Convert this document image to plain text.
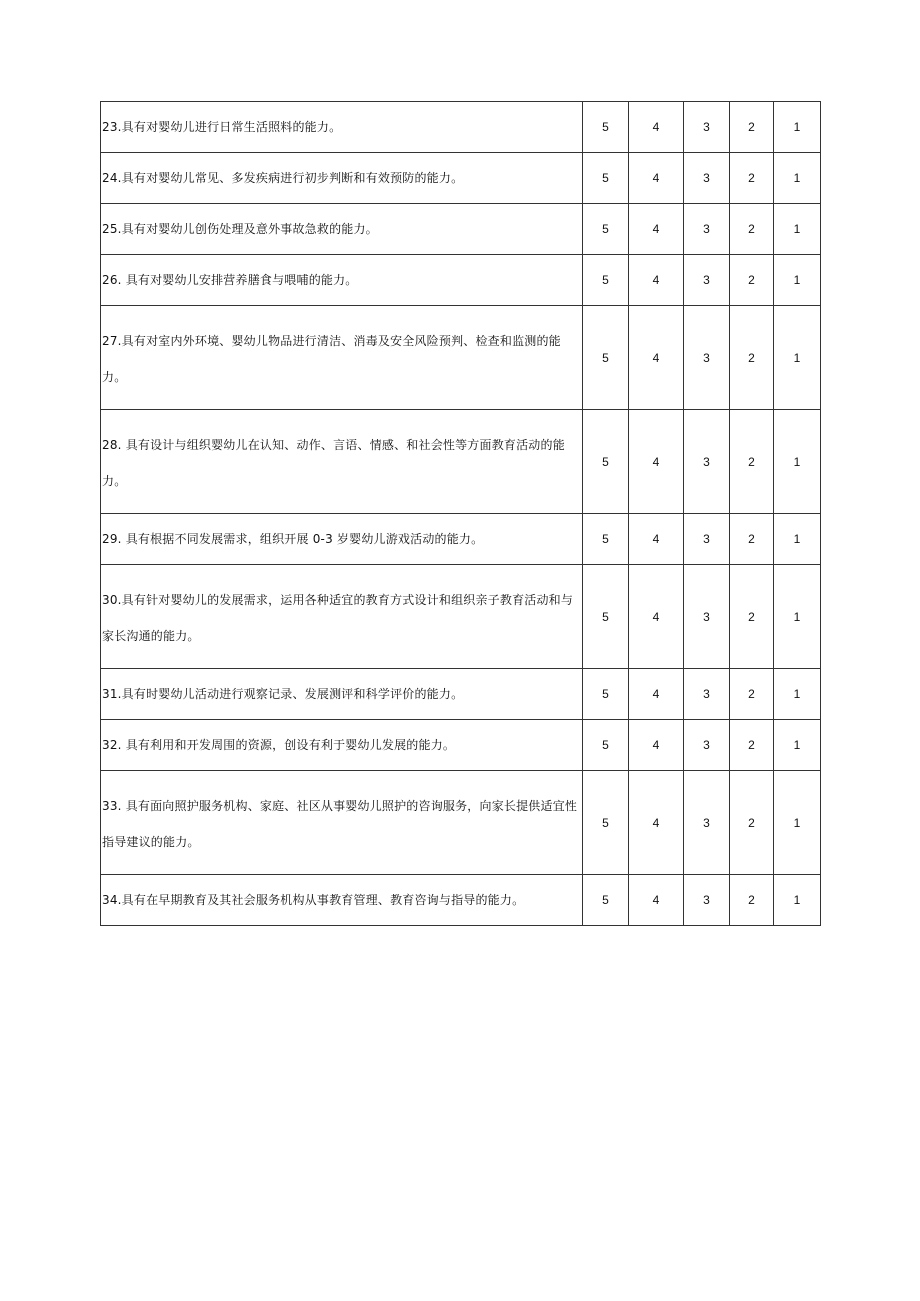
23.具有对婴幼儿进行日常生活照料的能力。	5	4	3	2	1
24.具有对婴幼儿常见、多发疾病进行初步判断和有效预防的能力。	5	4	3	2	1
25.具有对婴幼儿创伤处理及意外事故急救的能力。	5	4	3	2	1
26. 具有对婴幼儿安排营养膳食与喂哺的能力。	5	4	3	2	1
27.具有对室内外环境、婴幼儿物品进行清洁、消毒及安全风险预判、检查和监测的能力。	5	4	3	2	1
28. 具有设计与组织婴幼儿在认知、动作、言语、情感、和社会性等方面教育活动的能力。	5	4	3	2	1
29. 具有根据不同发展需求，组织开展 0-3 岁婴幼儿游戏活动的能力。	5	4	3	2	1
30.具有针对婴幼儿的发展需求，运用各种适宜的教育方式设计和组织亲子教育活动和与家长沟通的能力。	5	4	3	2	1
31.具有时婴幼儿活动进行观察记录、发展测评和科学评价的能力。	5	4	3	2	1
32. 具有利用和开发周围的资源，创设有利于婴幼儿发展的能力。	5	4	3	2	1
33. 具有面向照护服务机构、家庭、社区从事婴幼儿照护的咨询服务，向家长提供适宜性指导建议的能力。	5	4	3	2	1
34.具有在早期教育及其社会服务机构从事教育管理、教育咨询与指导的能力。	5	4	3	2	1
